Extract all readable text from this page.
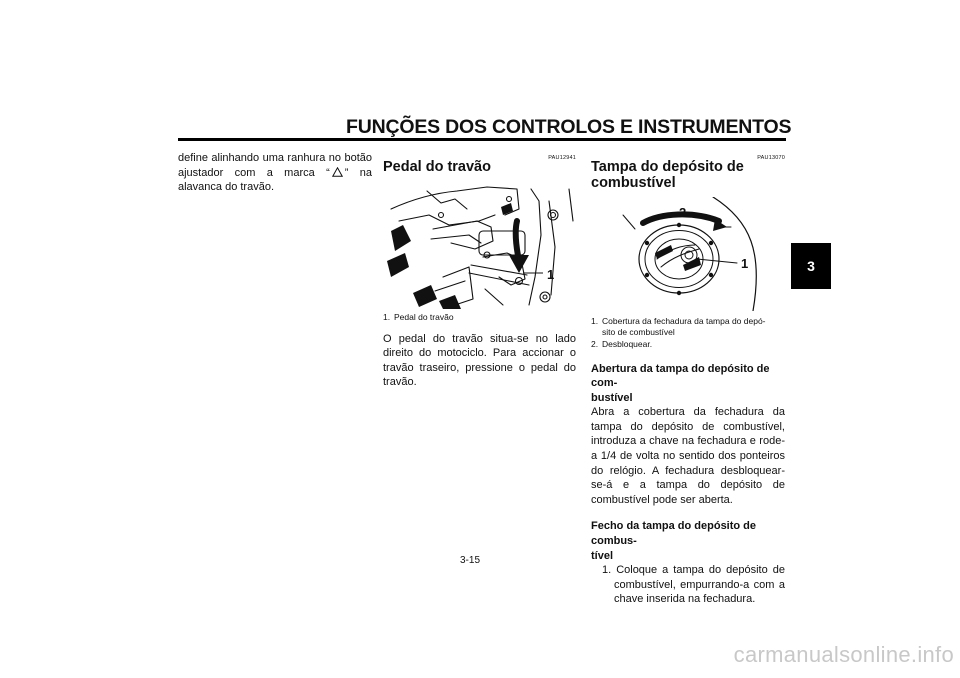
FUNÇÕES DOS CONTROLOS E INSTRUMENTOS
3

define alinhando uma ranhura no botão ajustador com a marca “ ” na alavanca do travão.

PAU12941

Pedal do travão
1

1. Pedal do travão

O pedal do travão situa-se no lado direito do motociclo. Para accionar o travão traseiro, pressione o pedal do travão.

PAU13070

Tampa do depósito de
combustível
2
1

1. Cobertura da fechadura da tampa do depó-
sito de combustível

2. Desbloquear.

Abertura da tampa do depósito de com-
bustível

Abra a cobertura da fechadura da tampa do depósito de combustível, introduza a chave na fechadura e rode-a 1/4 de volta no sentido dos ponteiros do relógio. A fechadura desbloquear-se-á e a tampa do depósito de combustível pode ser aberta.

Fecho da tampa do depósito de combus-
tível

1. Coloque a tampa do depósito de combustível, empurrando-a com a chave inserida na fechadura.

3-15
carmanualsonline.info
